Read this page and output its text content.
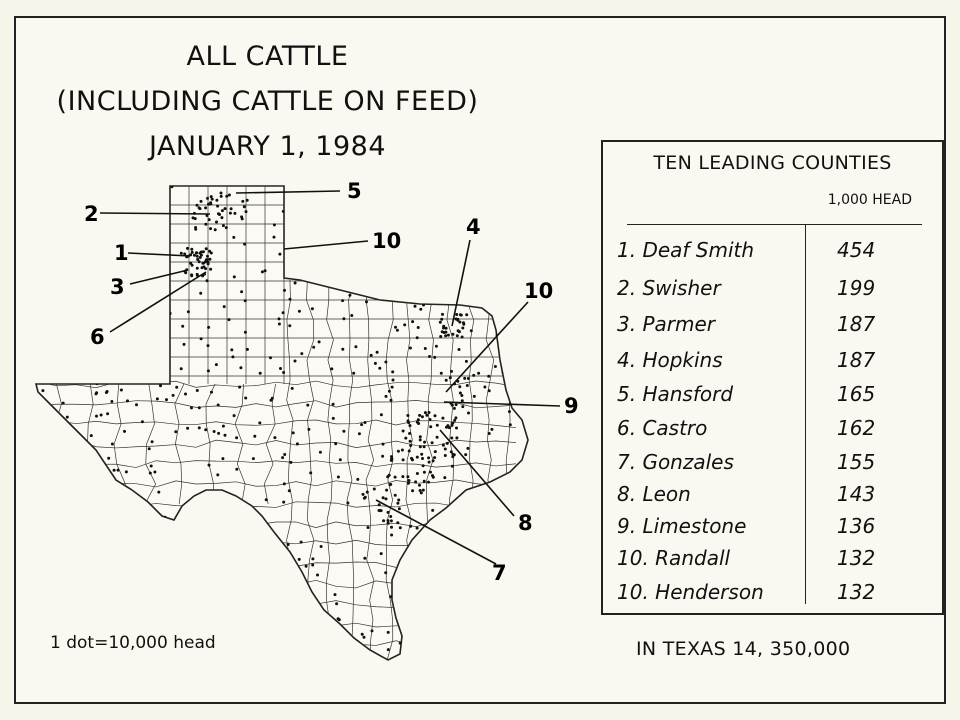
ALL CATTLE
(INCLUDING CATTLE ON FEED)
JANUARY 1, 1984
5
2
10
1
3
6
4
10
9
8
7
1 dot=10,000 head
TEN LEADING COUNTIES
1,000 HEAD
1. Deaf Smith	454
2. Swisher	199
3. Parmer	187
4. Hopkins	187
5. Hansford	165
6. Castro	162
7. Gonzales	155
8. Leon	143
9. Limestone	136
10. Randall	132
10. Henderson	132
IN TEXAS 14, 350,000
